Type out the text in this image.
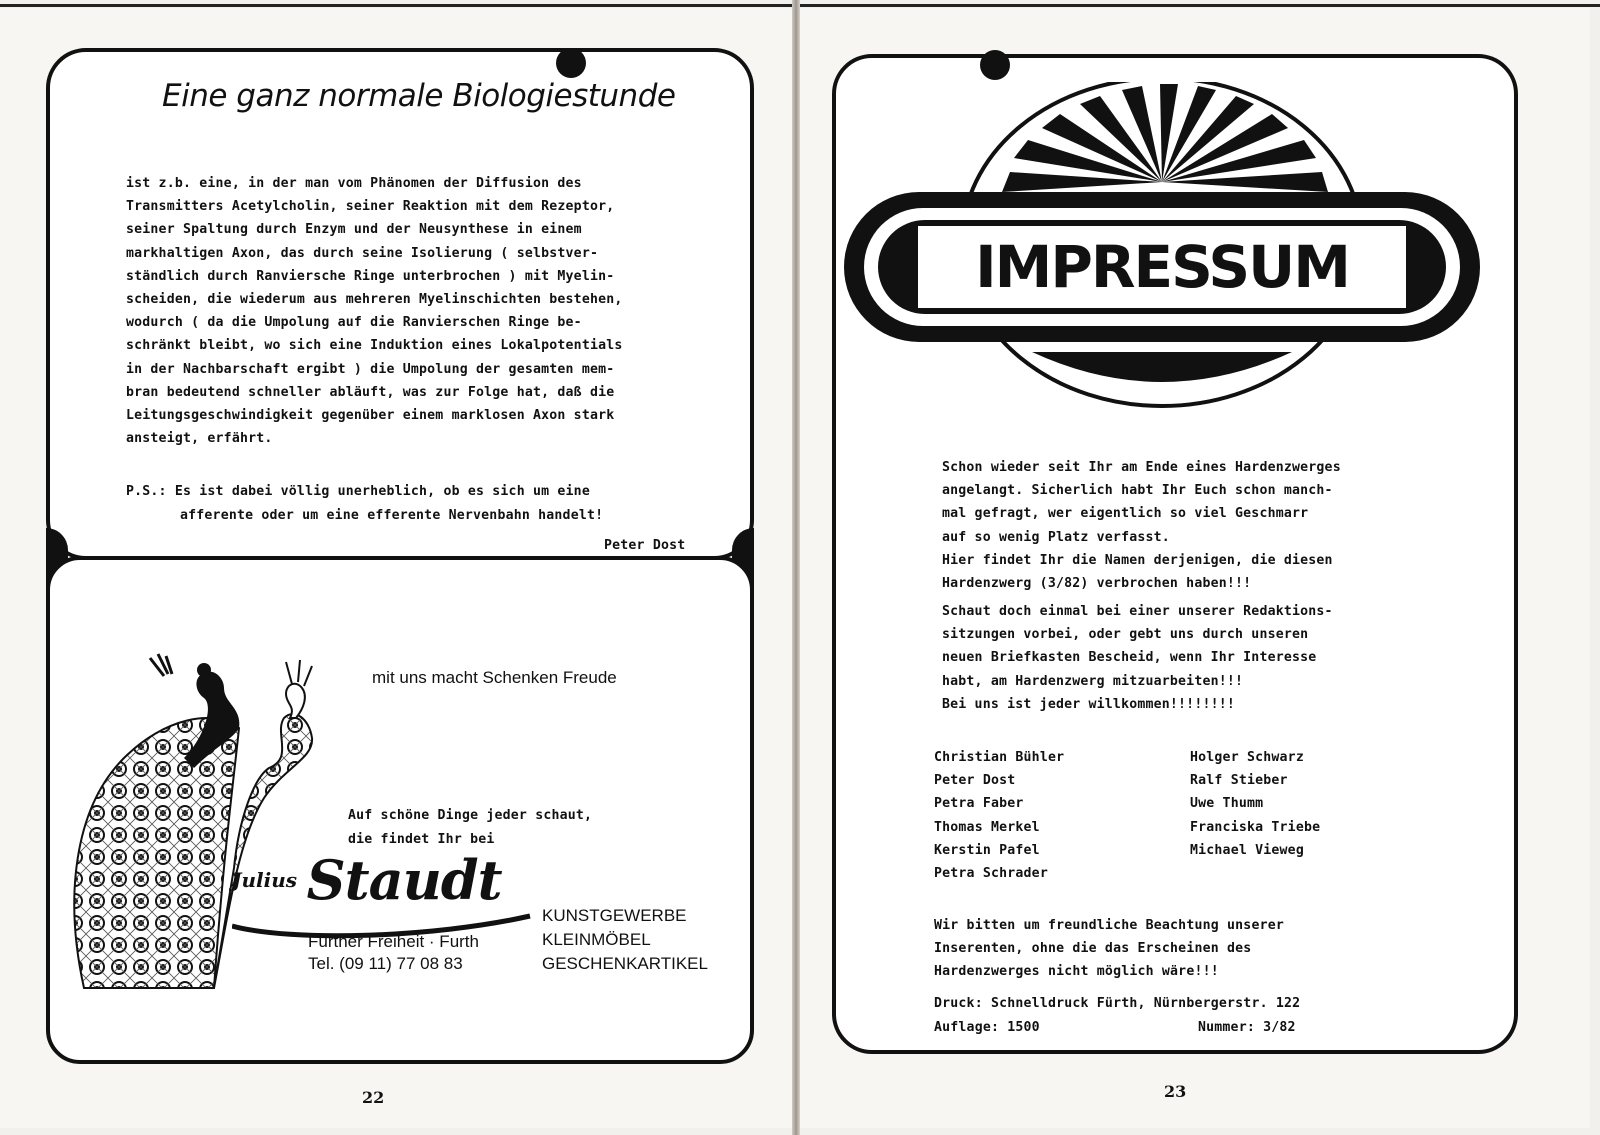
Eine ganz normale Biologiestunde
ist z.b. eine, in der man vom Phänomen der Diffusion des
Transmitters Acetylcholin, seiner Reaktion mit dem Rezeptor,
seiner Spaltung durch Enzym und der Neusynthese in einem
markhaltigen Axon, das durch seine Isolierung ( selbstver-
ständlich durch Ranviersche Ringe unterbrochen ) mit Myelin-
scheiden, die wiederum aus mehreren Myelinschichten bestehen,
wodurch ( da die Umpolung auf die Ranvierschen Ringe be-
schränkt bleibt, wo sich eine Induktion eines Lokalpotentials
in der Nachbarschaft ergibt ) die Umpolung der gesamten mem-
bran bedeutend schneller abläuft, was zur Folge hat, daß die
Leitungsgeschwindigkeit gegenüber einem marklosen Axon stark
ansteigt, erfährt.
P.S.: Es ist dabei völlig unerheblich, ob es sich um eine
afferente oder um eine efferente Nervenbahn handelt!
Peter Dost
mit uns macht Schenken Freude
Auf schöne Dinge jeder schaut,
die findet Ihr bei
Julius Staudt
Fürther Freiheit · Furth
Tel. (09 11) 77 08 83
KUNSTGEWERBE
KLEINMÖBEL
GESCHENKARTIKEL
22
IMPRESSUM
Schon wieder seit Ihr am Ende eines Hardenzwerges
angelangt. Sicherlich habt Ihr Euch schon manch-
mal gefragt, wer eigentlich so viel Geschmarr
auf so wenig Platz verfasst.
Hier findet Ihr die Namen derjenigen, die diesen
Hardenzwerg (3/82) verbrochen haben!!!
Schaut doch einmal bei einer unserer Redaktions-
sitzungen vorbei, oder gebt uns durch unseren
neuen Briefkasten Bescheid, wenn Ihr Interesse
habt, am Hardenzwerg mitzuarbeiten!!!
Bei uns ist jeder willkommen!!!!!!!!
Christian Bühler
Peter Dost
Petra Faber
Thomas Merkel
Kerstin Pafel
Petra Schrader
Holger Schwarz
Ralf Stieber
Uwe Thumm
Franciska Triebe
Michael Vieweg
Wir bitten um freundliche Beachtung unserer
Inserenten, ohne die das Erscheinen des
Hardenzwerges nicht möglich wäre!!!
Druck: Schnelldruck Fürth, Nürnbergerstr. 122
Auflage: 1500	Nummer: 3/82
23
